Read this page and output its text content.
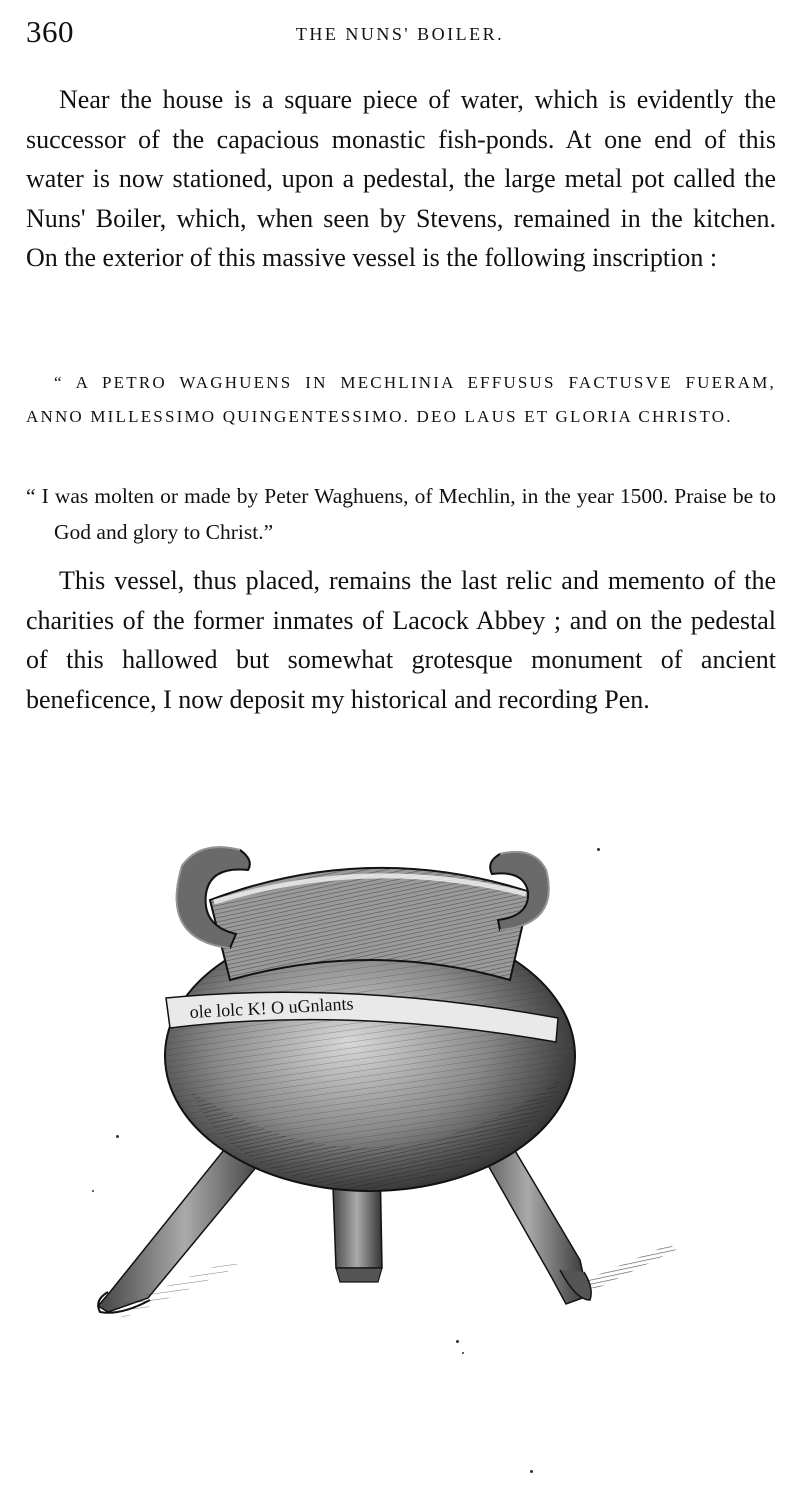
360	THE NUNS' BOILER.

Near the house is a square piece of water, which is evidently the successor of the capacious monastic fish-ponds. At one end of this water is now stationed, upon a pedestal, the large metal pot called the Nuns' Boiler, which, when seen by Stevens, remained in the kitchen. On the exterior of this massive vessel is the following inscription :

“ A PETRO WAGHUENS IN MECHLINIA EFFUSUS FACTUSVE FUERAM, ANNO MILLESSIMO QUINGENTESSIMO. DEO LAUS ET GLORIA CHRISTO.

“ I was molten or made by Peter Waghuens, of Mechlin, in the year 1500. Praise be to God and glory to Christ.”

This vessel, thus placed, remains the last relic and memento of the charities of the former inmates of Lacock Abbey ; and on the pedestal of this hallowed but somewhat grotesque monument of ancient beneficence, I now deposit my historical and recording Pen.

ole lolc K! O uGnlants
